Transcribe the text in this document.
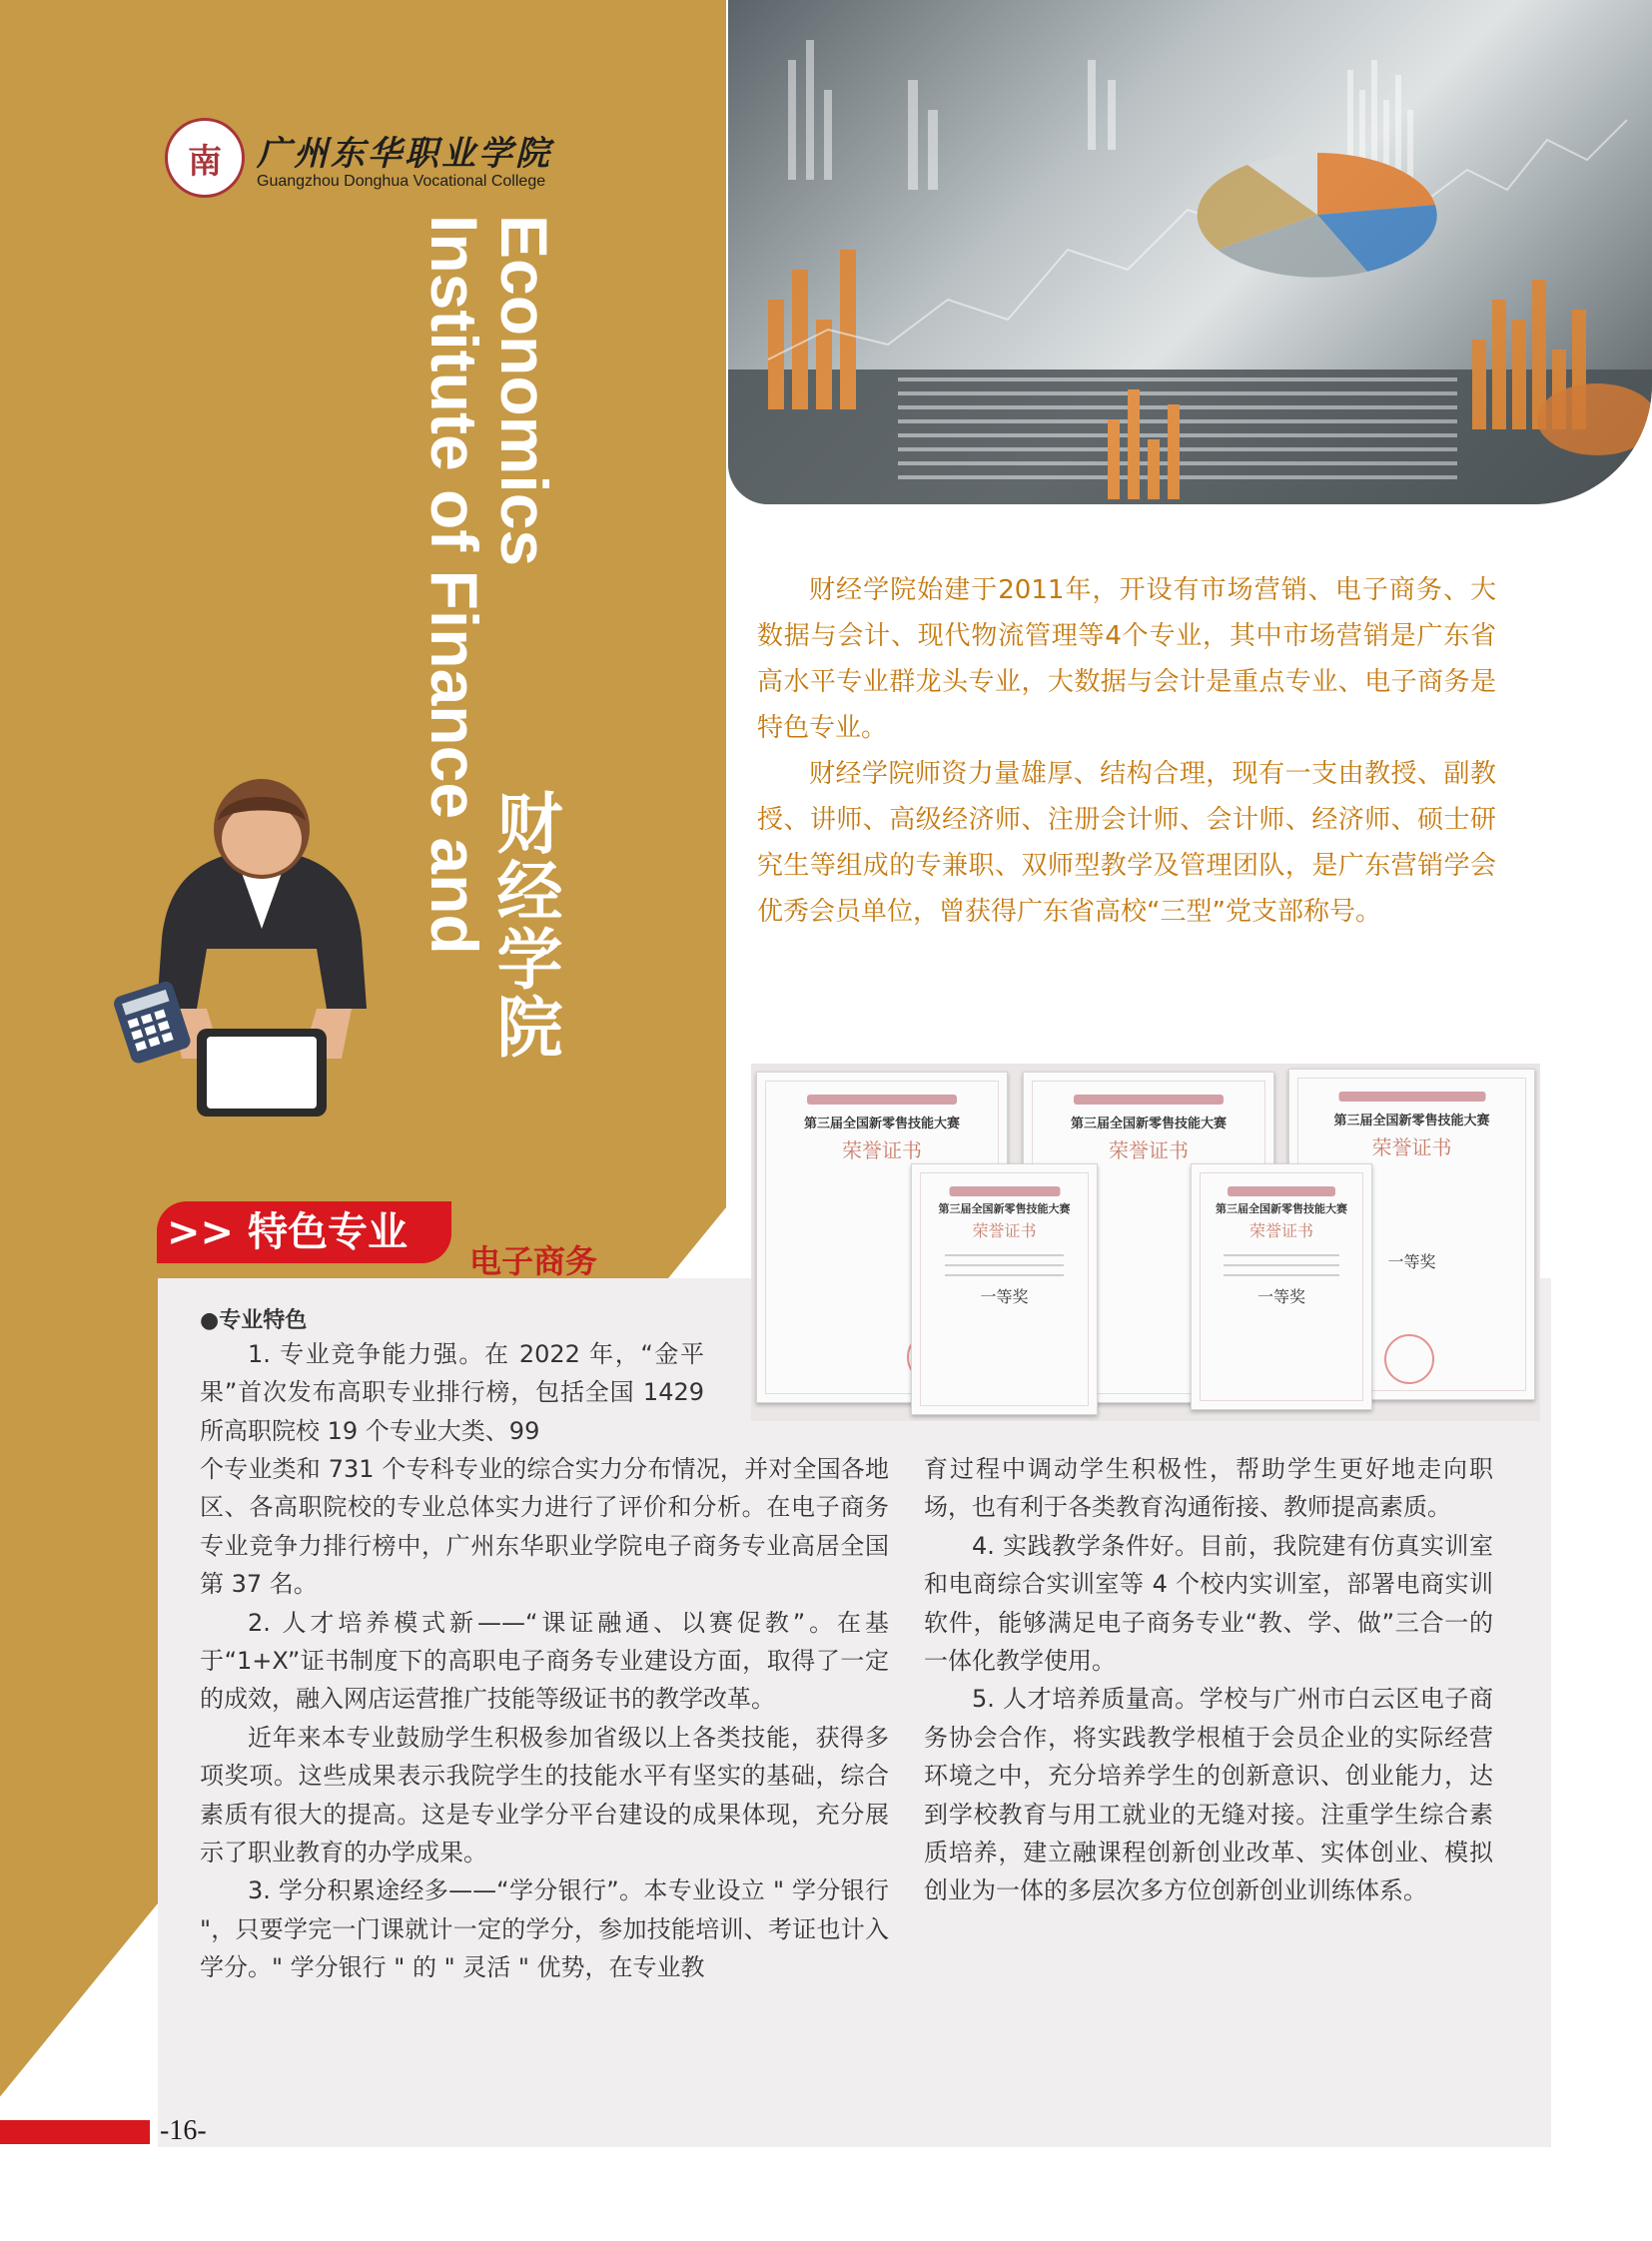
南	广州东华职业学院
Guangzhou Donghua Vocational College
Economics
Institute of Finance and
财经学院

财经学院始建于2011年，开设有市场营销、电子商务、大数据与会计、现代物流管理等4个专业，其中市场营销是广东省高水平专业群龙头专业，大数据与会计是重点专业、电子商务是特色专业。

财经学院师资力量雄厚、结构合理，现有一支由教授、副教授、讲师、高级经济师、注册会计师、会计师、经济师、硕士研究生等组成的专兼职、双师型教学及管理团队，是广东营销学会优秀会员单位，曾获得广东省高校“三型”党支部称号。

第三届全国新零售技能大赛
荣誉证书
第三届全国新零售技能大赛
荣誉证书
第三届全国新零售技能大赛
荣誉证书
一等奖
第三届全国新零售技能大赛
荣誉证书
一等奖
第三届全国新零售技能大赛
荣誉证书
一等奖
>> 特色专业
电子商务
●专业特色

1. 专业竞争能力强。在 2022 年，“金平果”首次发布高职专业排行榜，包括全国 1429 所高职院校 19 个专业大类、99

个专业类和 731 个专科专业的综合实力分布情况，并对全国各地区、各高职院校的专业总体实力进行了评价和分析。在电子商务专业竞争力排行榜中，广州东华职业学院电子商务专业高居全国第 37 名。

2. 人才培养模式新——“课证融通、以赛促教”。在基于“1+X”证书制度下的高职电子商务专业建设方面，取得了一定的成效，融入网店运营推广技能等级证书的教学改革。

近年来本专业鼓励学生积极参加省级以上各类技能，获得多项奖项。这些成果表示我院学生的技能水平有坚实的基础，综合素质有很大的提高。这是专业学分平台建设的成果体现，充分展示了职业教育的办学成果。

3. 学分积累途经多——“学分银行”。本专业设立 " 学分银行 "，只要学完一门课就计一定的学分，参加技能培训、考证也计入学分。" 学分银行 " 的 " 灵活 " 优势，在专业教

育过程中调动学生积极性，帮助学生更好地走向职场，也有利于各类教育沟通衔接、教师提高素质。

4. 实践教学条件好。目前，我院建有仿真实训室和电商综合实训室等 4 个校内实训室，部署电商实训软件，能够满足电子商务专业“教、学、做”三合一的一体化教学使用。

5. 人才培养质量高。学校与广州市白云区电子商务协会合作，将实践教学根植于会员企业的实际经营环境之中，充分培养学生的创新意识、创业能力，达到学校教育与用工就业的无缝对接。注重学生综合素质培养，建立融课程创新创业改革、实体创业、模拟创业为一体的多层次多方位创新创业训练体系。

-16-
